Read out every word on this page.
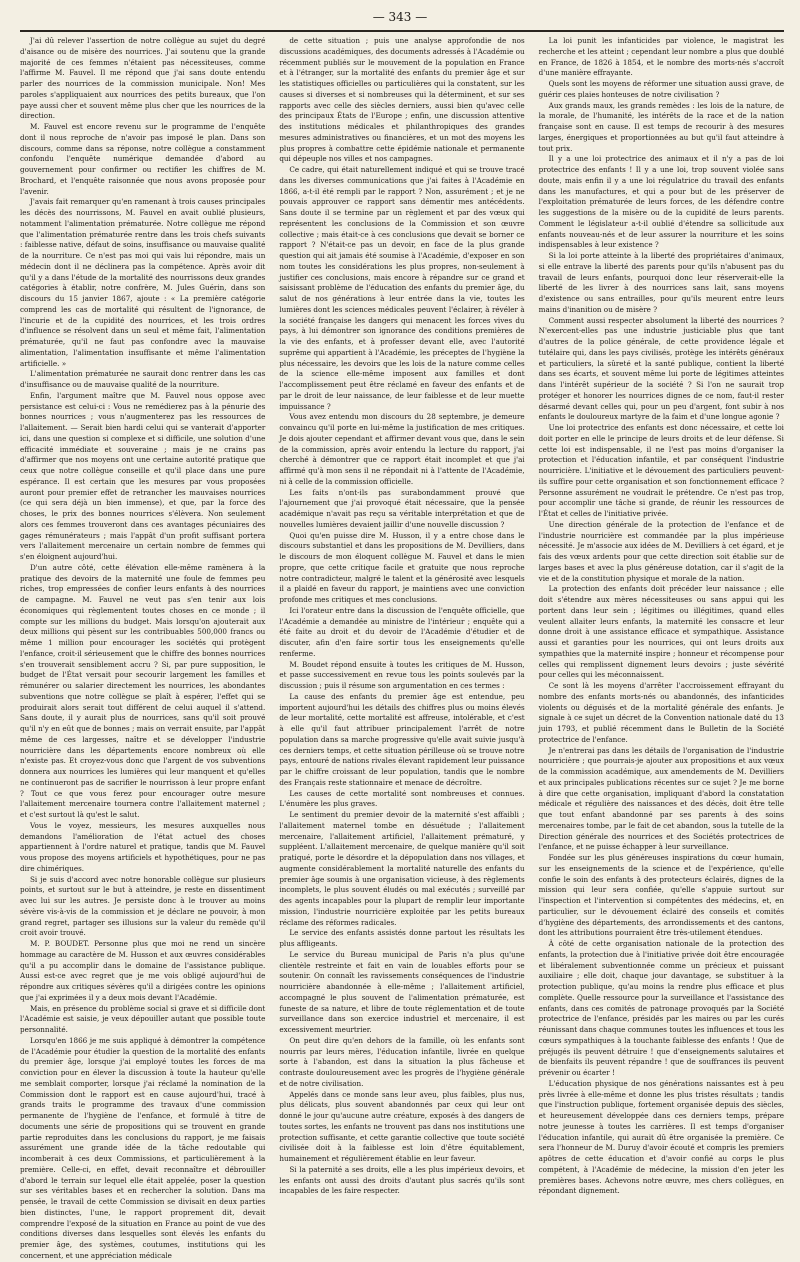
— 343 —

J'ai dû relever l'assertion de notre collègue au sujet du degré d'aisance ou de misère des nourrices. J'ai soutenu que la grande majorité de ces femmes n'étaient pas nécessiteuses, comme l'affirme M. Fauvel. Il me répond que j'ai sans doute entendu parler des nourrices de la commission municipale. Non! Mes paroles s'appliquaient aux nourrices des petits bureaux, que l'on paye aussi cher et souvent même plus cher que les nourrices de la direction.

M. Fauvel est encore revenu sur le programme de l'enquête dont il nous reproche de n'avoir pas imposé le plan. Dans son discours, comme dans sa réponse, notre collègue a constamment confondu l'enquête numérique demandée d'abord au gouvernement pour confirmer ou rectifier les chiffres de M. Brochard, et l'enquête raisonnée que nous avons proposée pour l'avenir.

J'avais fait remarquer qu'en ramenant à trois causes principales les décès des nourrissons, M. Fauvel en avait oublié plusieurs, notamment l'alimentation prématurée. Notre collègue me répond que l'alimentation prématurée rentre dans les trois chefs suivants : faiblesse native, défaut de soins, insuffisance ou mauvaise qualité de la nourriture. Ce n'est pas moi qui vais lui répondre, mais un médecin dont il ne déclinera pas la compétence. Après avoir dit qu'il y a dans l'étude de la mortalité des nourrissons deux grandes catégories à établir, notre confrère, M. Jules Guérin, dans son discours du 15 janvier 1867, ajoute : « La première catégorie comprend les cas de mortalité qui résultent de l'ignorance, de l'incurie et de la cupidité des nourrices, et les trois ordres d'influence se résolvent dans un seul et même fait, l'alimentation prématurée, qu'il ne faut pas confondre avec la mauvaise alimentation, l'alimentation insuffisante et même l'alimentation artificielle. »

L'alimentation prématurée ne saurait donc rentrer dans les cas d'insuffisance ou de mauvaise qualité de la nourriture.

Enfin, l'argument maître que M. Fauvel nous oppose avec persistance est celui-ci : Vous ne remédierez pas à la pénurie des bonnes nourrices ; vous n'augmenterez pas les ressources de l'allaitement. — Serait bien hardi celui qui se vanterait d'apporter ici, dans une question si complexe et si difficile, une solution d'une efficacité immédiate et souveraine ; mais je ne crains pas d'affirmer que nos moyens ont une certaine autorité pratique que ceux que notre collègue conseille et qu'il place dans une pure espérance. Il est certain que les mesures par vous proposées auront pour premier effet de retrancher les mauvaises nourrices (ce qui sera déjà un bien immense), et que, par la force des choses, le prix des bonnes nourrices s'élèvera. Non seulement alors ces femmes trouveront dans ces avantages pécuniaires des gages rémunérateurs ; mais l'appât d'un profit suffisant portera vers l'allaitement mercenaire un certain nombre de femmes qui s'en éloignent aujourd'hui.

D'un autre côté, cette élévation elle-même ramènera à la pratique des devoirs de la maternité une foule de femmes peu riches, trop empressées de confier leurs enfants à des nourrices de campagne. M. Fauvel ne veut pas s'en tenir aux lois économiques qui règlementent toutes choses en ce monde ; il compte sur les millions du budget. Mais lorsqu'on ajouterait aux deux millions qui pèsent sur les contribuables 500,000 francs ou même 1 million pour encourager les sociétés qui protègent l'enfance, croit-il sérieusement que le chiffre des bonnes nourrices s'en trouverait sensiblement accru ? Si, par pure supposition, le budget de l'État versait pour secourir largement les familles et rémunérer ou salarier directement les nourrices, les abondantes subventions que notre collègue se plaît à espérer, l'effet qui se produirait alors serait tout différent de celui auquel il s'attend. Sans doute, il y aurait plus de nourrices, sans qu'il soit prouvé qu'il n'y en eût que de bonnes ; mais on verrait ensuite, par l'appât même de ces largesses, naître et se développer l'industrie nourricière dans les départements encore nombreux où elle n'existe pas. Et croyez-vous donc que l'argent de vos subventions donnera aux nourrices les lumières qui leur manquent et qu'elles ne continueront pas de sacrifier le nourrisson à leur propre enfant ? Tout ce que vous ferez pour encourager outre mesure l'allaitement mercenaire tournera contre l'allaitement maternel ; et c'est surtout là qu'est le salut.

Vous le voyez, messieurs, les mesures auxquelles nous demandons l'amélioration de l'état actuel des choses appartiennent à l'ordre naturel et pratique, tandis que M. Fauvel vous propose des moyens artificiels et hypothétiques, pour ne pas dire chimériques.

Si je suis d'accord avec notre honorable collègue sur plusieurs points, et surtout sur le but à atteindre, je reste en dissentiment avec lui sur les autres. Je persiste donc à le trouver au moins sévère vis-à-vis de la commission et je déclare ne pouvoir, à mon grand regret, partager ses illusions sur la valeur du remède qu'il croit avoir trouvé.

M. P. BOUDET. Personne plus que moi ne rend un sincère hommage au caractère de M. Husson et aux œuvres considérables qu'il a pu accomplir dans le domaine de l'assistance publique. Aussi est-ce avec regret que je me vois obligé aujourd'hui de répondre aux critiques sévères qu'il a dirigées contre les opinions que j'ai exprimées il y a deux mois devant l'Académie.

Mais, en présence du problème social si grave et si difficile dont l'Académie est saisie, je veux dépouiller autant que possible toute personnalité.

Lorsqu'en 1866 je me suis appliqué à démontrer la compétence de l'Académie pour étudier la question de la mortalité des enfants du premier âge, lorsque j'ai employé toutes les forces de ma conviction pour en élever la discussion à toute la hauteur qu'elle me semblait comporter, lorsque j'ai réclamé la nomination de la Commission dont le rapport est en cause aujourd'hui, tracé à grands traits le programme des travaux d'une commission permanente de l'hygiène de l'enfance, et formulé à titre de documents une série de propositions qui se trouvent en grande partie reproduites dans les conclusions du rapport, je me faisais assurément une grande idée de la tâche redoutable qui incomberait à ces deux Commissions, et particulièrement à la première. Celle-ci, en effet, devait reconnaître et débrouiller d'abord le terrain sur lequel elle était appelée, poser la question sur ses véritables bases et en rechercher la solution. Dans ma pensée, le travail de cette Commission se divisait en deux parties bien distinctes, l'une, le rapport proprement dit, devait comprendre l'exposé de la situation en France au point de vue des conditions diverses dans lesquelles sont élevés les enfants du premier âge, des systèmes, coutumes, institutions qui les concernent, et une appréciation médicale

de cette situation ; puis une analyse approfondie de nos discussions académiques, des documents adressés à l'Académie ou récemment publiés sur le mouvement de la population en France et à l'étranger, sur la mortalité des enfants du premier âge et sur les statistiques officielles ou particulières qui la constatent, sur les causes si diverses et si nombreuses qui la déterminent, et sur ses rapports avec celle des siècles derniers, aussi bien qu'avec celle des principaux États de l'Europe ; enfin, une discussion attentive des institutions médicales et philanthropiques des grandes mesures administratives ou financières, et un mot des moyens les plus propres à combattre cette épidémie nationale et permanente qui dépeuple nos villes et nos campagnes.

Ce cadre, qui était naturellement indiqué et qui se trouve tracé dans les diverses communications que j'ai faites à l'Académie en 1866, a-t-il été rempli par le rapport ? Non, assurément ; et je ne pouvais approuver ce rapport sans démentir mes antécédents. Sans doute il se termine par un règlement et par des vœux qui représentent les conclusions de la Commission et son œuvre collective ; mais était-ce à ces conclusions que devait se borner ce rapport ? N'était-ce pas un devoir, en face de la plus grande question qui ait jamais été soumise à l'Académie, d'exposer en son nom toutes les considérations les plus propres, non-seulement à justifier ces conclusions, mais encore à répandre sur ce grand et saisissant problème de l'éducation des enfants du premier âge, du salut de nos générations à leur entrée dans la vie, toutes les lumières dont les sciences médicales peuvent l'éclairer, à révéler à la société française les dangers qui menacent les forces vives du pays, à lui démontrer son ignorance des conditions premières de la vie des enfants, et à professer devant elle, avec l'autorité suprême qui appartient à l'Académie, les préceptes de l'hygiène la plus nécessaire, les devoirs que les lois de la nature comme celles de la science elle-même imposent aux familles et dont l'accomplissement peut être réclamé en faveur des enfants et de par le droit de leur naissance, de leur faiblesse et de leur muette impuissance ?

Vous avez entendu mon discours du 28 septembre, je demeure convaincu qu'il porte en lui-même la justification de mes critiques. Je dois ajouter cependant et affirmer devant vous que, dans le sein de la commission, après avoir entendu la lecture du rapport, j'ai cherché à démontrer que ce rapport était incomplet et que j'ai affirmé qu'à mon sens il ne répondait ni à l'attente de l'Académie, ni à celle de la commission officielle.

Les faits n'ont-ils pas surabondamment prouvé que l'ajournement que j'ai provoqué était nécessaire, que la pensée académique n'avait pas reçu sa véritable interprétation et que de nouvelles lumières devaient jaillir d'une nouvelle discussion ?

Quoi qu'en puisse dire M. Husson, il y a entre chose dans le discours substantiel et dans les propositions de M. Devilliers, dans le discours de mon éloquent collègue M. Fauvel et dans le mien propre, que cette critique facile et gratuite que nous reproche notre contradicteur, malgré le talent et la générosité avec lesquels il a plaidé en faveur du rapport, je maintiens avec une conviction profonde mes critiques et mes conclusions.

Ici l'orateur entre dans la discussion de l'enquête officielle, que l'Académie a demandée au ministre de l'intérieur ; enquête qui a été faite au droit et du devoir de l'Académie d'étudier et de discuter, afin d'en faire sortir tous les enseignements qu'elle renferme.

M. Boudet répond ensuite à toutes les critiques de M. Husson, et passe successivement en revue tous les points soulevés par la discussion ; puis il résume son argumentation en ces termes :

La cause des enfants du premier âge est entendue, peu importent aujourd'hui les détails des chiffres plus ou moins élevés de leur mortalité, cette mortalité est affreuse, intolérable, et c'est à elle qu'il faut attribuer principalement l'arrêt de notre population dans sa marche progressive qu'elle avait suivie jusqu'à ces derniers temps, et cette situation périlleuse où se trouve notre pays, entouré de nations rivales élevant rapidement leur puissance par le chiffre croissant de leur population, tandis que le nombre des Français reste stationnaire et menace de décroître.

Les causes de cette mortalité sont nombreuses et connues. L'énumère les plus graves.

Le sentiment du premier devoir de la maternité s'est affaibli ; l'allaitement maternel tombe en désuétude ; l'allaitement mercenaire, l'allaitement artificiel, l'allaitement prématuré, y suppléent. L'allaitement mercenaire, de quelque manière qu'il soit pratiqué, porte le désordre et la dépopulation dans nos villages, et augmente considérablement la mortalité naturelle des enfants du premier âge soumis à une organisation vicieuse, à des règlements incomplets, le plus souvent éludés ou mal exécutés ; surveillé par des agents incapables pour la plupart de remplir leur importante mission, l'industrie nourricière exploitée par les petits bureaux réclame des réformes radicales.

Le service des enfants assistés donne partout les résultats les plus affligeants.

Le service du Bureau municipal de Paris n'a plus qu'une clientèle restreinte et fait en vain de louables efforts pour se soutenir. On connaît les ravissements conséquences de l'industrie nourricière abandonnée à elle-même ; l'allaitement artificiel, accompagné le plus souvent de l'alimentation prématurée, est funeste de sa nature, et libre de toute réglementation et de toute surveillance dans son exercice industriel et mercenaire, il est excessivement meurtrier.

On peut dire qu'en dehors de la famille, où les enfants sont nourris par leurs mères, l'éducation infantile, livrée en quelque sorte à l'abandon, est dans la situation la plus fâcheuse et contraste douloureusement avec les progrès de l'hygiène générale et de notre civilisation.

Appelés dans ce monde sans leur aveu, plus faibles, plus nus, plus délicats, plus souvent abandonnés par ceux qui leur ont donné le jour qu'aucune autre créature, exposés à des dangers de toutes sortes, les enfants ne trouvent pas dans nos institutions une protection suffisante, et cette garantie collective que toute société civilisée doit à la faiblesse est loin d'être équitablement, humainement et régulièrement établie en leur faveur.

Si la paternité a ses droits, elle a les plus impérieux devoirs, et les enfants ont aussi des droits d'autant plus sacrés qu'ils sont incapables de les faire respecter.

La loi punit les infanticides par violence, le magistrat les recherche et les atteint ; cependant leur nombre a plus que doublé en France, de 1826 à 1854, et le nombre des morts-nés s'accroît d'une manière effrayante.

Quels sont les moyens de réformer une situation aussi grave, de guérir ces plaies honteuses de notre civilisation ?

Aux grands maux, les grands remèdes : les lois de la nature, de la morale, de l'humanité, les intérêts de la race et de la nation française sont en cause. Il est temps de recourir à des mesures larges, énergiques et proportionnées au but qu'il faut atteindre à tout prix.

Il y a une loi protectrice des animaux et il n'y a pas de loi protectrice des enfants ! Il y a une loi, trop souvent violée sans doute, mais enfin il y a une loi régulatrice du travail des enfants dans les manufactures, et qui a pour but de les préserver de l'exploitation prématurée de leurs forces, de les défendre contre les suggestions de la misère ou de la cupidité de leurs parents. Comment le législateur a-t-il oublié d'étendre sa sollicitude aux enfants nouveau-nés et de leur assurer la nourriture et les soins indispensables à leur existence ?

Si la loi porte atteinte à la liberté des propriétaires d'animaux, si elle entrave la liberté des parents pour qu'ils n'abusent pas du travail de leurs enfants, pourquoi donc leur réserverait-elle la liberté de les livrer à des nourrices sans lait, sans moyens d'existence ou sans entrailles, pour qu'ils meurent entre leurs mains d'inanition ou de misère ?

Comment aussi respecter absolument la liberté des nourrices ? N'exercent-elles pas une industrie justiciable plus que tant d'autres de la police générale, de cette providence légale et tutélaire qui, dans les pays civilisés, protège les intérêts généraux et particuliers, la sûreté et la santé publique, contient la liberté dans ses écarts, et souvent même lui porte de légitimes atteintes dans l'intérêt supérieur de la société ? Si l'on ne saurait trop protéger et honorer les nourrices dignes de ce nom, faut-il rester désarmé devant celles qui, pour un peu d'argent, font subir à nos enfants le douloureux martyre de la faim et d'une longue agonie ?

Une loi protectrice des enfants est donc nécessaire, et cette loi doit porter en elle le principe de leurs droits et de leur défense. Si cette loi est indispensable, il ne l'est pas moins d'organiser la protection et l'éducation infantile, et par conséquent l'industrie nourricière. L'initiative et le dévouement des particuliers peuvent-ils suffire pour cette organisation et son fonctionnement efficace ? Personne assurément ne voudrait le prétendre. Ce n'est pas trop, pour accomplir une tâche si grande, de réunir les ressources de l'État et celles de l'initiative privée.

Une direction générale de la protection de l'enfance et de l'industrie nourricière est commandée par la plus impérieuse nécessité. Je m'associe aux idées de M. Devilliers à cet égard, et je fais des vœux ardents pour que cette direction soit établie sur de larges bases et avec la plus généreuse dotation, car il s'agit de la vie et de la constitution physique et morale de la nation.

La protection des enfants doit précéder leur naissance ; elle doit s'étendre aux mères nécessiteuses ou sans appui qui les portent dans leur sein ; légitimes ou illégitimes, quand elles veulent allaiter leurs enfants, la maternité les consacre et leur donne droit à une assistance efficace et sympathique. Assistance aussi et garanties pour les nourrices, qui ont leurs droits aux sympathies que la maternité inspire ; honneur et récompense pour celles qui remplissent dignement leurs devoirs ; juste sévérité pour celles qui les méconnaissent.

Ce sont là les moyens d'arrêter l'accroissement effrayant du nombre des enfants morts-nés ou abandonnés, des infanticides violents ou déguisés et de la mortalité générale des enfants. Je signale à ce sujet un décret de la Convention nationale daté du 13 juin 1793, et publié récemment dans le Bulletin de la Société protectrice de l'enfance.

Je n'entrerai pas dans les détails de l'organisation de l'industrie nourricière ; que pourrais-je ajouter aux propositions et aux vœux de la commission académique, aux amendements de M. Devilliers et aux principales publications récentes sur ce sujet ? Je me borne à dire que cette organisation, impliquant d'abord la constatation médicale et régulière des naissances et des décès, doit être telle que tout enfant abandonné par ses parents à des soins mercenaires tombe, par le fait de cet abandon, sous la tutelle de la Direction générale des nourrices et des Sociétés protectrices de l'enfance, et ne puisse échapper à leur surveillance.

Fondée sur les plus généreuses inspirations du cœur humain, sur les enseignements de la science et de l'expérience, qu'elle confie le soin des enfants à des protecteurs éclairés, dignes de la mission qui leur sera confiée, qu'elle s'appuie surtout sur l'inspection et l'intervention si compétentes des médecins, et, en particulier, sur le dévouement éclairé des conseils et comités d'hygiène des départements, des arrondissements et des cantons, dont les attributions pourraient être très-utilement étendues.

À côté de cette organisation nationale de la protection des enfants, la protection due à l'initiative privée doit être encouragée et libéralement subventionnée comme un précieux et puissant auxiliaire ; elle doit, chaque jour davantage, se substituer à la protection publique, qu'au moins la rendre plus efficace et plus complète. Quelle ressource pour la surveillance et l'assistance des enfants, dans ces comités de patronage provoqués par la Société protectrice de l'enfance, présidés par les maires ou par les curés réunissant dans chaque communes toutes les influences et tous les cœurs sympathiques à la touchante faiblesse des enfants ! Que de préjugés ils peuvent détruire ! que d'enseignements salutaires et de bienfaits ils peuvent répandre ! que de souffrances ils peuvent prévenir ou écarter !

L'éducation physique de nos générations naissantes est à peu près livrée à elle-même et donne les plus tristes résultats ; tandis que l'instruction publique, fortement organisée depuis des siècles, et heureusement développée dans ces derniers temps, prépare notre jeunesse à toutes les carrières. Il est temps d'organiser l'éducation infantile, qui aurait dû être organisée la première. Ce sera l'honneur de M. Duruy d'avoir écouté et compris les premiers apôtres de cette éducation et d'avoir confié au corps le plus compétent, à l'Académie de médecine, la mission d'en jeter les premières bases. Achevons notre œuvre, mes chers collègues, en répondant dignement.
